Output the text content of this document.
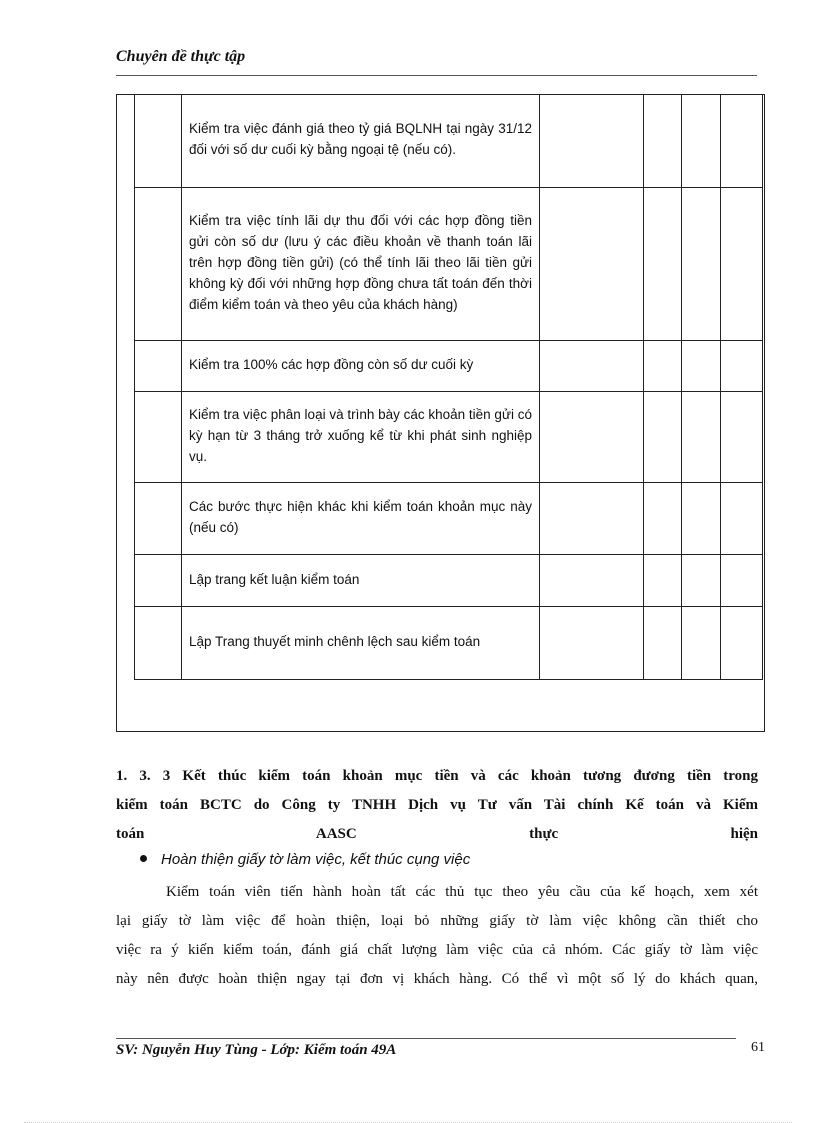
Chuyên đề thực tập

	Kiểm tra việc đánh giá theo tỷ giá BQLNH tại ngày 31/12 đối với số dư cuối kỳ bằng ngoại tệ (nếu có).				

	Kiểm tra việc tính lãi dự thu đối với các hợp đồng tiền gửi còn số dư (lưu ý các điều khoản về thanh toán lãi trên hợp đồng tiền gửi) (có thể tính lãi theo lãi tiền gửi không kỳ đối với những hợp đồng chưa tất toán đến thời điểm kiểm toán và theo yêu của khách hàng)				

	Kiểm tra 100% các hợp đồng còn số dư cuối kỳ				

	Kiểm tra việc phân loại và trình bày các khoản tiền gửi có kỳ hạn từ 3 tháng trở xuống kể từ khi phát sinh nghiệp vụ.				

	Các bước thực hiện khác khi kiểm toán khoản mục này (nếu có)				

	Lập trang kết luận kiểm toán				

	Lập Trang thuyết minh chênh lệch sau kiểm toán				

1. 3. 3 Kết thúc kiểm toán khoản mục tiền và các khoản tương đương tiền trong
kiểm toán BCTC do Công ty TNHH Dịch vụ Tư vấn Tài chính Kế toán và Kiểm
toán AASC thực hiện
Hoàn thiện giấy tờ làm việc, kết thúc cụng việc
Kiểm toán viên tiến hành hoàn tất các thủ tục theo yêu cầu của kế hoạch, xem xét
lại giấy tờ làm việc để hoàn thiện, loại bỏ những giấy tờ làm việc không cần thiết cho
việc ra ý kiến kiểm toán, đánh giá chất lượng làm việc của cả nhóm. Các giấy tờ làm việc
này nên được hoàn thiện ngay tại đơn vị khách hàng. Có thể vì một số lý do khách quan,
SV: Nguyễn Huy Tùng - Lớp: Kiểm toán 49A	61
